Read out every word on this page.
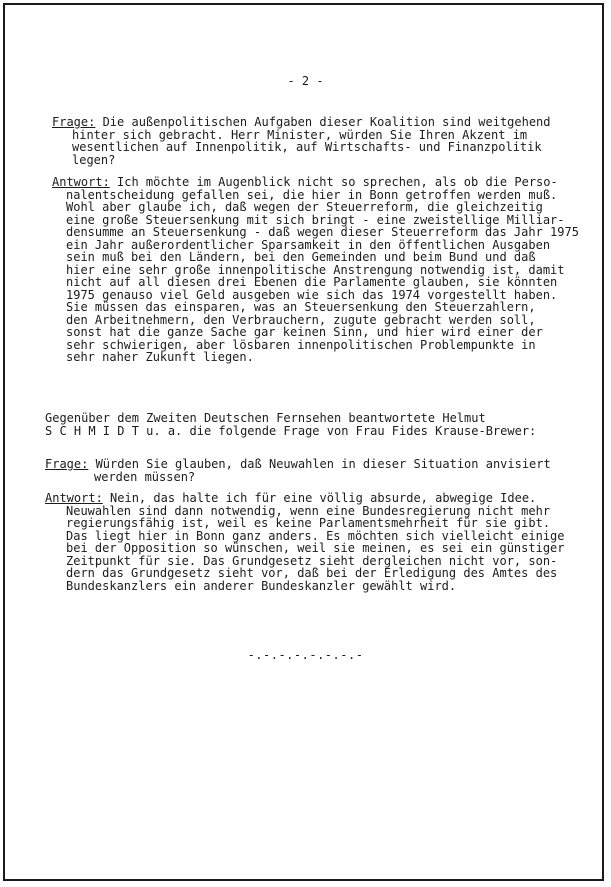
- 2 -
Frage: Die außenpolitischen Aufgaben dieser Koalition sind weitgehend
hinter sich gebracht. Herr Minister, würden Sie Ihren Akzent im
wesentlichen auf Innenpolitik, auf Wirtschafts- und Finanzpolitik
legen?
Antwort: Ich möchte im Augenblick nicht so sprechen, als ob die Perso-
nalentscheidung gefallen sei, die hier in Bonn getroffen werden muß.
Wohl aber glaube ich, daß wegen der Steuerreform, die gleichzeitig
eine große Steuersenkung mit sich bringt - eine zweistellige Milliar-
densumme an Steuersenkung - daß wegen dieser Steuerreform das Jahr 1975
ein Jahr außerordentlicher Sparsamkeit in den öffentlichen Ausgaben
sein muß bei den Ländern, bei den Gemeinden und beim Bund und daß
hier eine sehr große innenpolitische Anstrengung notwendig ist, damit
nicht auf all diesen drei Ebenen die Parlamente glauben, sie könnten
1975 genauso viel Geld ausgeben wie sich das 1974 vorgestellt haben.
Sie müssen das einsparen, was an Steuersenkung den Steuerzahlern,
den Arbeitnehmern, den Verbrauchern, zugute gebracht werden soll,
sonst hat die ganze Sache gar keinen Sinn, und hier wird einer der
sehr schwierigen, aber lösbaren innenpolitischen Problempunkte in
sehr naher Zukunft liegen.
Gegenüber dem Zweiten Deutschen Fernsehen beantwortete Helmut
S C H M I D T u. a. die folgende Frage von Frau Fides Krause-Brewer:
Frage: Würden Sie glauben, daß Neuwahlen in dieser Situation anvisiert
werden müssen?
Antwort: Nein, das halte ich für eine völlig absurde, abwegige Idee.
Neuwahlen sind dann notwendig, wenn eine Bundesregierung nicht mehr
regierungsfähig ist, weil es keine Parlamentsmehrheit für sie gibt.
Das liegt hier in Bonn ganz anders. Es möchten sich vielleicht einige
bei der Opposition so wünschen, weil sie meinen, es sei ein günstiger
Zeitpunkt für sie. Das Grundgesetz sieht dergleichen nicht vor, son-
dern das Grundgesetz sieht vor, daß bei der Erledigung des Amtes des
Bundeskanzlers ein anderer Bundeskanzler gewählt wird.
-.-.-.-.-.-.-.-
